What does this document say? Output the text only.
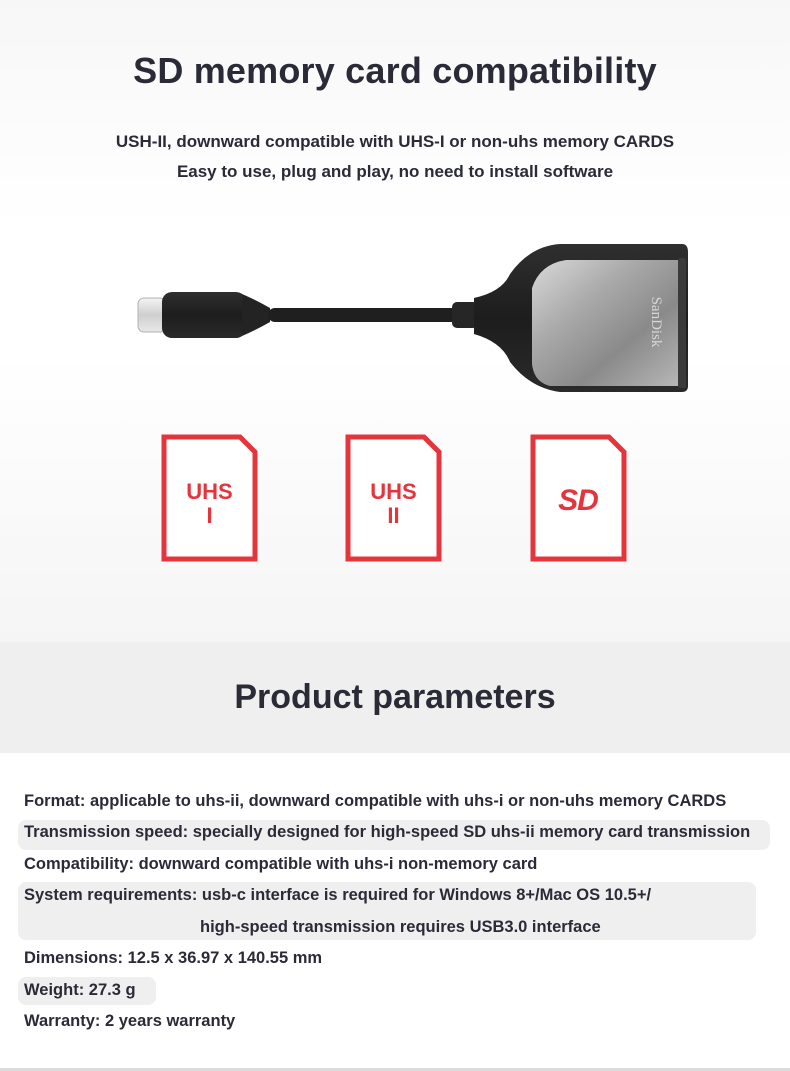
SD memory card compatibility
USH-II, downward compatible with UHS-I or non-uhs memory CARDS
Easy to use, plug and play, no need to install software
SanDisk
UHS
I
UHS
II	SD
Product parameters
Format: applicable to uhs-ii, downward compatible with uhs-i or non-uhs memory CARDS
Transmission speed: specially designed for high-speed SD uhs-ii memory card transmission
Compatibility: downward compatible with uhs-i non-memory card
System requirements: usb-c interface is required for Windows 8+/Mac OS 10.5+/
high-speed transmission requires USB3.0 interface
Dimensions: 12.5 x 36.97 x 140.55 mm
Weight: 27.3 g
Warranty: 2 years warranty
